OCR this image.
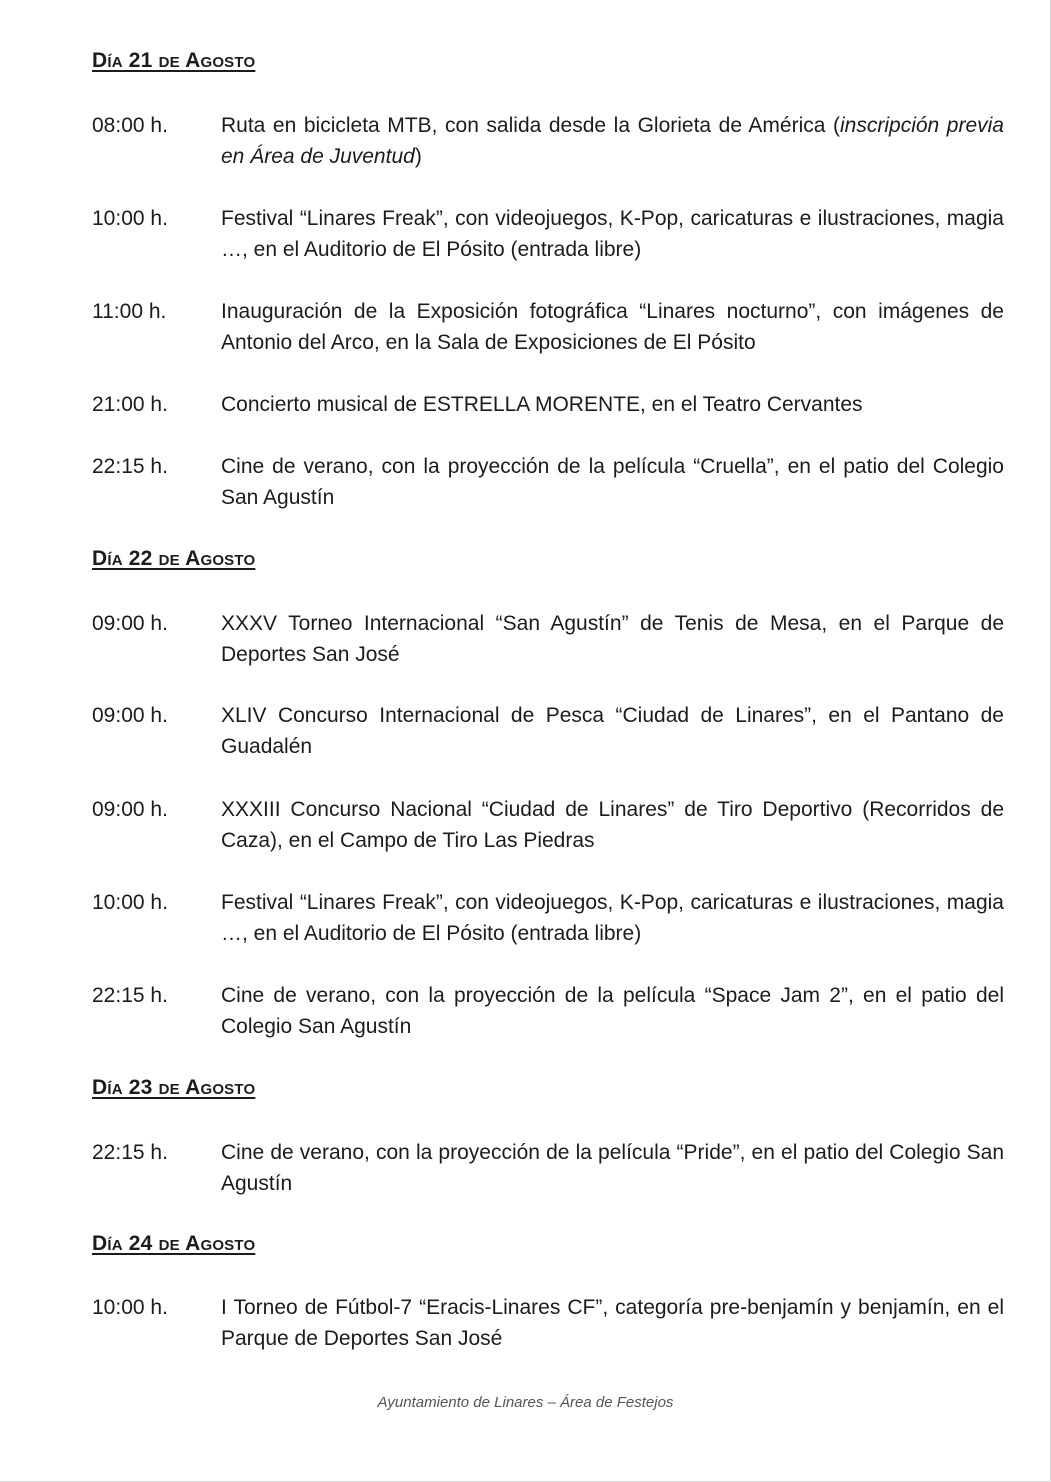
Día 21 de Agosto
08:00 h.	Ruta en bicicleta MTB, con salida desde la Glorieta de América (inscripción previa en Área de Juventud)
10:00 h.	Festival “Linares Freak”, con videojuegos, K-Pop, caricaturas e ilustraciones, magia …, en el Auditorio de El Pósito (entrada libre)
11:00 h.	Inauguración de la Exposición fotográfica “Linares nocturno”, con imágenes de Antonio del Arco, en la Sala de Exposiciones de El Pósito
21:00 h.	Concierto musical de ESTRELLA MORENTE, en el Teatro Cervantes
22:15 h.	Cine de verano, con la proyección de la película “Cruella”, en el patio del Colegio San Agustín
Día 22 de Agosto
09:00 h.	XXXV Torneo Internacional “San Agustín” de Tenis de Mesa, en el Parque de Deportes San José
09:00 h.	XLIV Concurso Internacional de Pesca “Ciudad de Linares”, en el Pantano de Guadalén
09:00 h.	XXXIII Concurso Nacional “Ciudad de Linares” de Tiro Deportivo (Recorridos de Caza), en el Campo de Tiro Las Piedras
10:00 h.	Festival “Linares Freak”, con videojuegos, K-Pop, caricaturas e ilustraciones, magia …, en el Auditorio de El Pósito (entrada libre)
22:15 h.	Cine de verano, con la proyección de la película “Space Jam 2”, en el patio del Colegio San Agustín
Día 23 de Agosto
22:15 h.	Cine de verano, con la proyección de la película “Pride”, en el patio del Colegio San Agustín
Día 24 de Agosto
10:00 h.	I Torneo de Fútbol-7 “Eracis-Linares CF”, categoría pre-benjamín y benjamín, en el Parque de Deportes San José
Ayuntamiento de Linares – Área de Festejos
